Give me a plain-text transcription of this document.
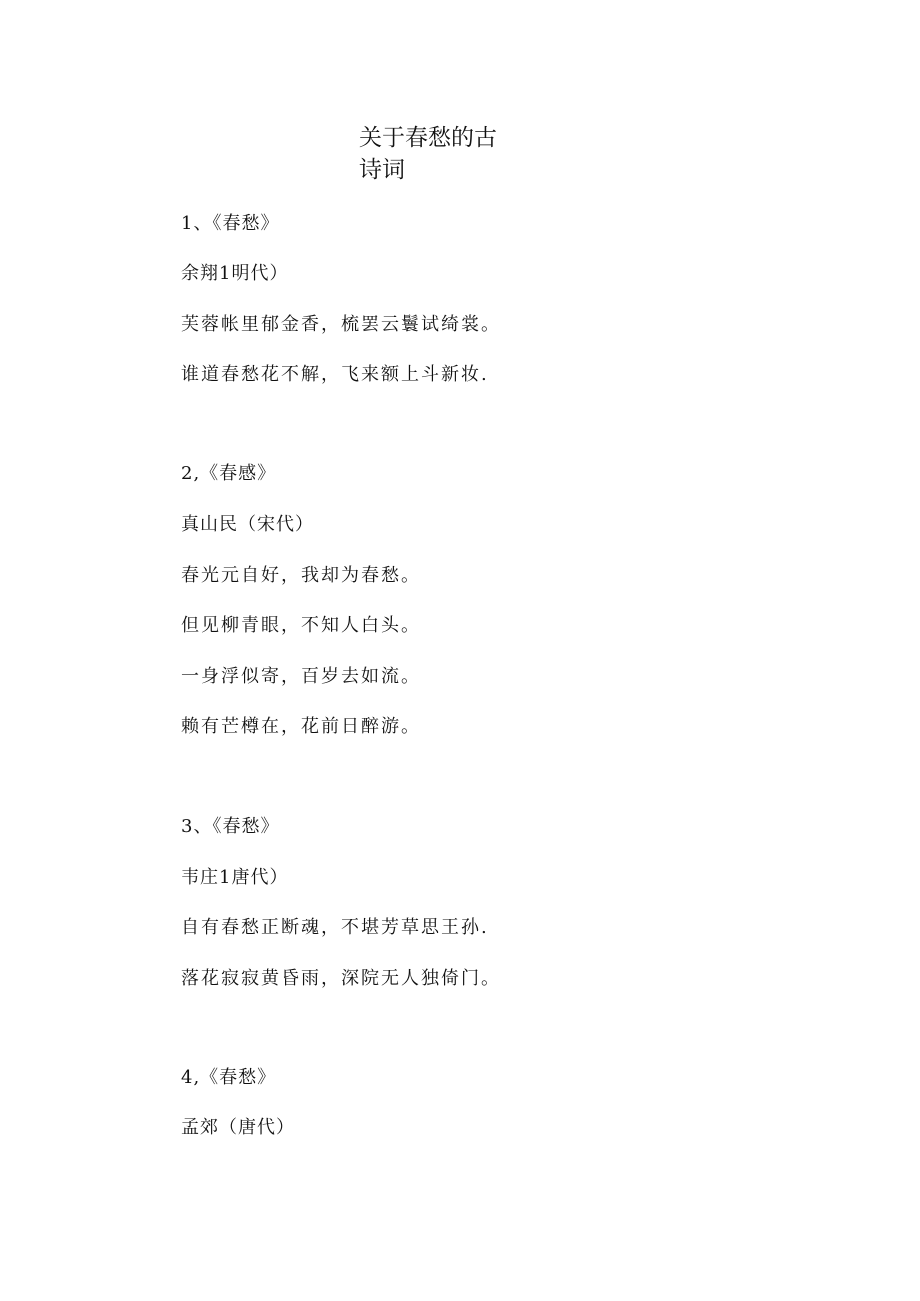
关于春愁的古
诗词

1、《春愁》

余翔1明代）

芙蓉帐里郁金香，梳罢云鬟试绮裳。

谁道春愁花不解，飞来额上斗新妆.

2,《春感》

真山民（宋代）

春光元自好，我却为春愁。

但见柳青眼，不知人白头。

一身浮似寄，百岁去如流。

赖有芒樽在，花前日醉游。

3、《春愁》

韦庄1唐代）

自有春愁正断魂，不堪芳草思王孙.

落花寂寂黄昏雨，深院无人独倚门。

4,《春愁》

孟郊（唐代）
